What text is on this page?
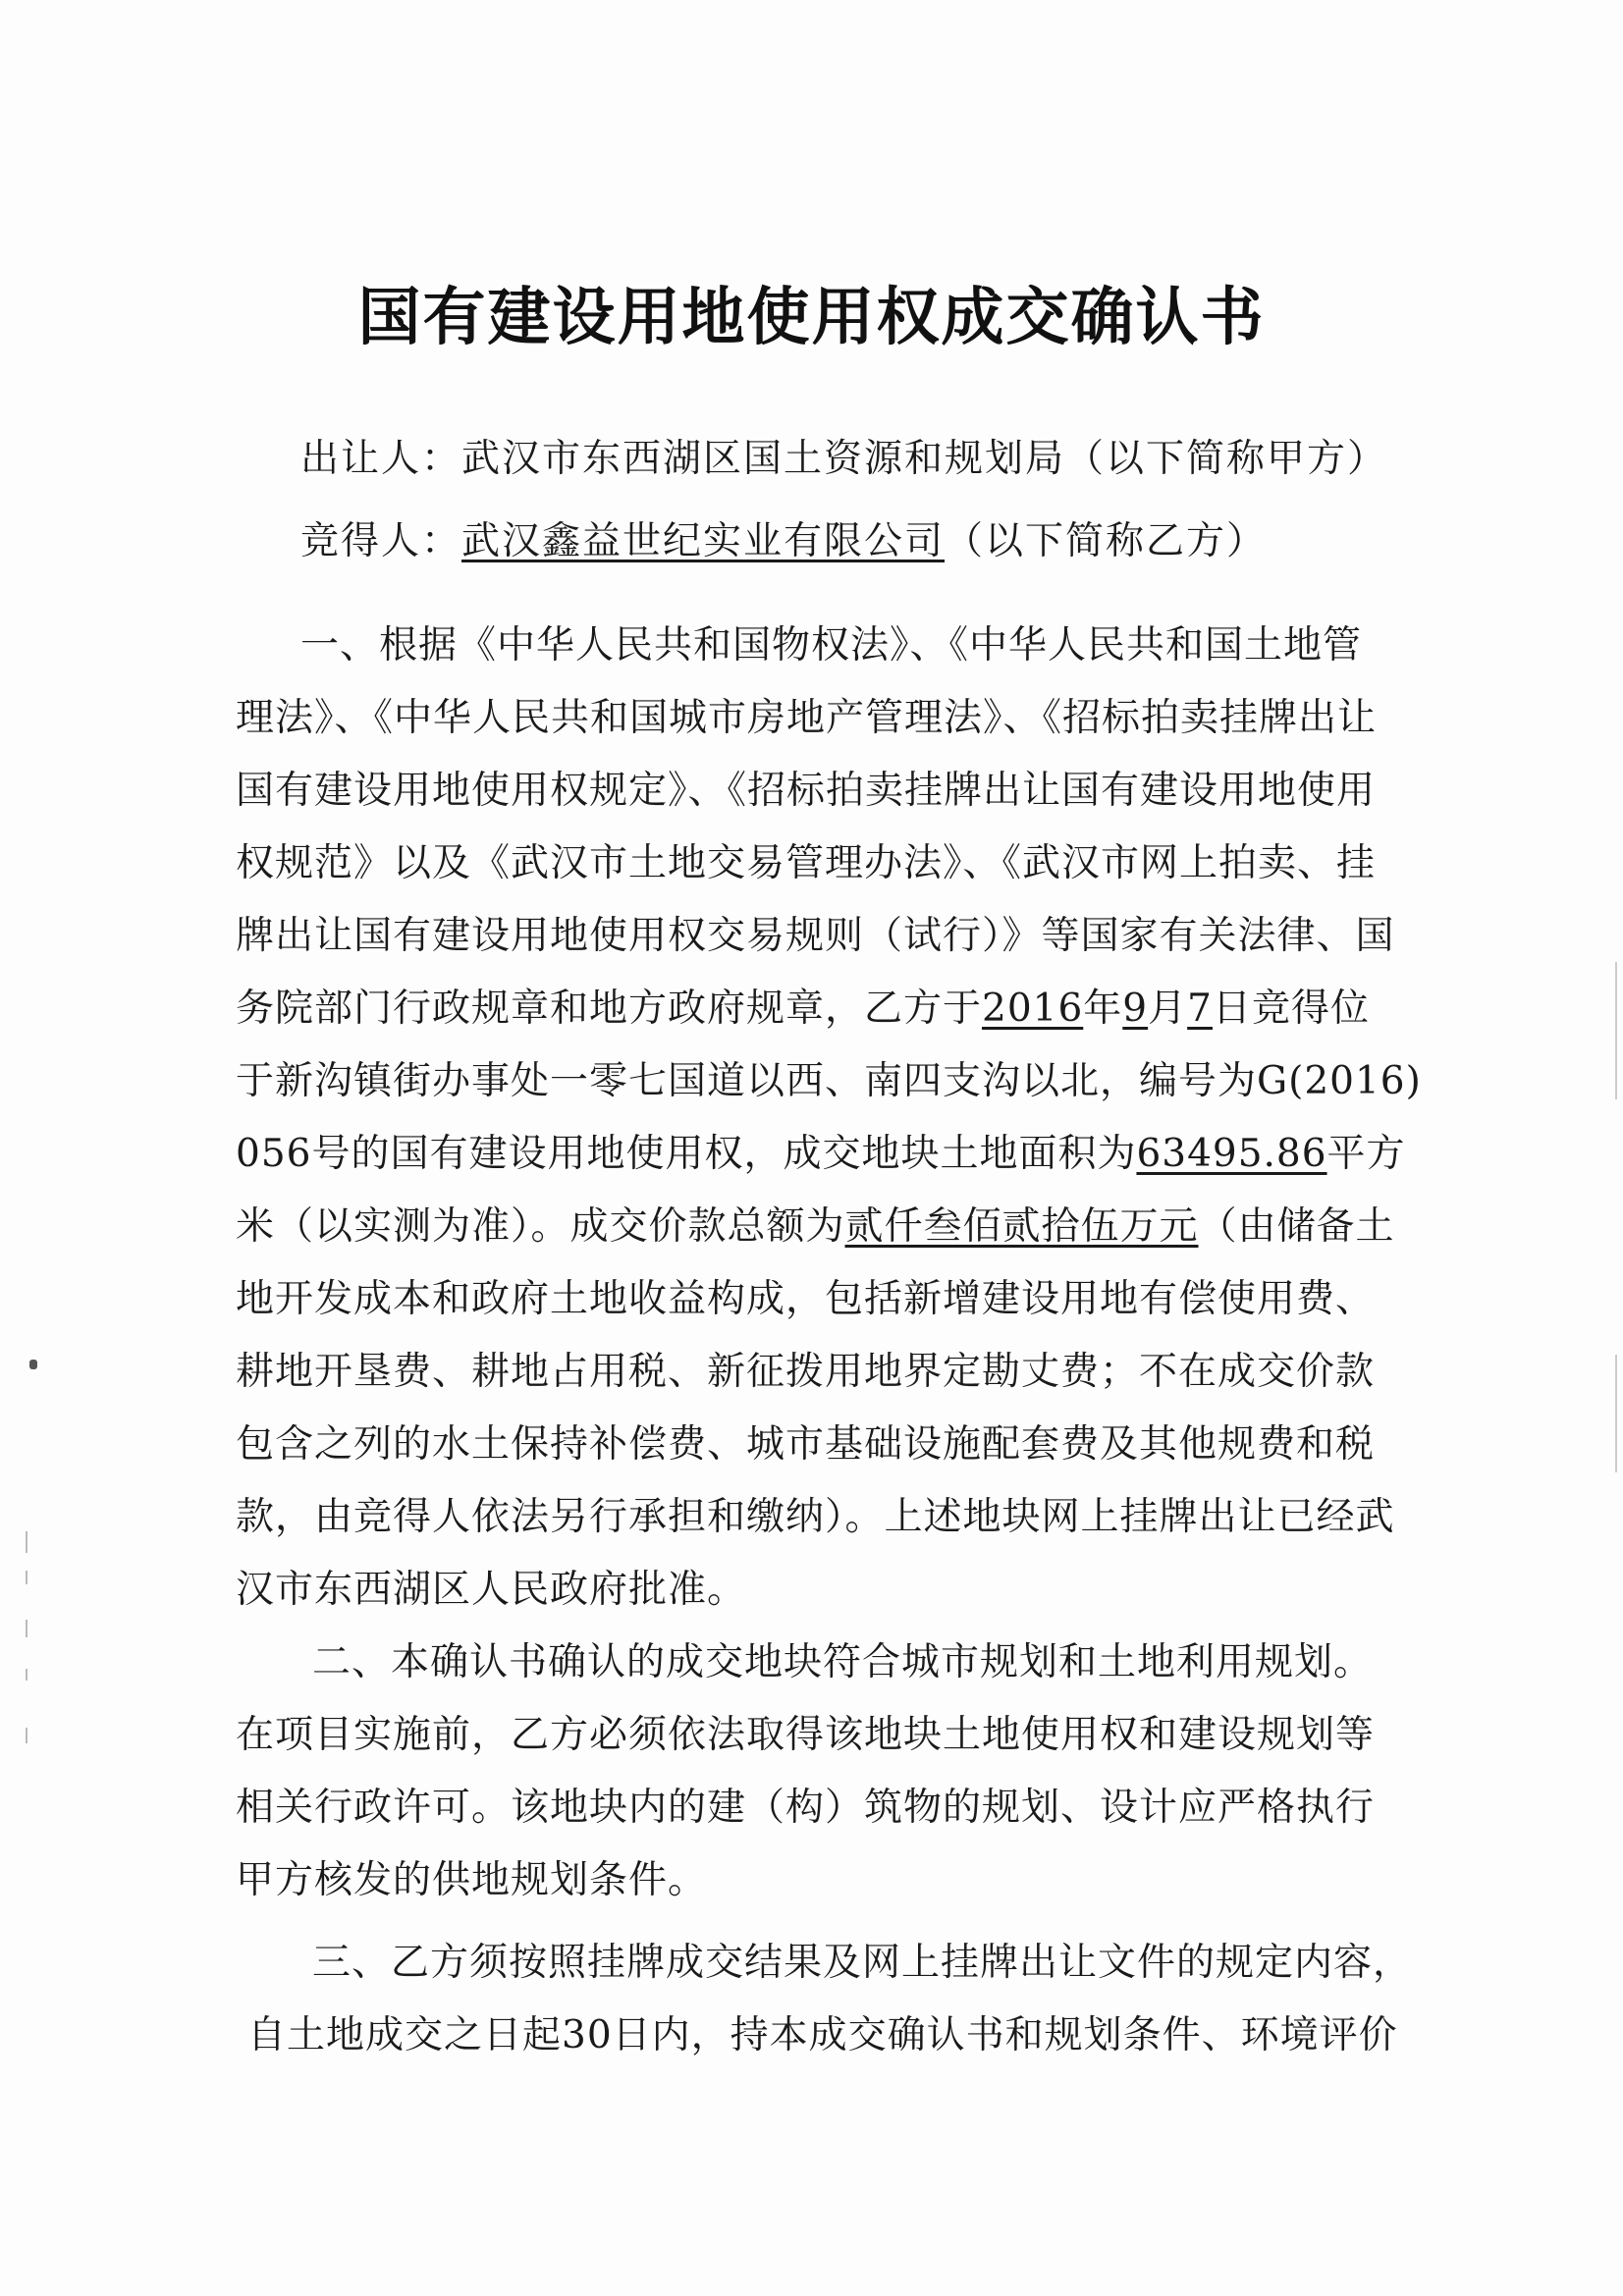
国有建设用地使用权成交确认书
出让人：武汉市东西湖区国土资源和规划局（以下简称甲方）
竞得人：武汉鑫益世纪实业有限公司（以下简称乙方）
一、根据《中华人民共和国物权法》、《中华人民共和国土地管
理法》、《中华人民共和国城市房地产管理法》、《招标拍卖挂牌出让
国有建设用地使用权规定》、《招标拍卖挂牌出让国有建设用地使用
权规范》以及《武汉市土地交易管理办法》、《武汉市网上拍卖、挂
牌出让国有建设用地使用权交易规则（试行）》等国家有关法律、国
务院部门行政规章和地方政府规章，乙方于2016年9月7日竞得位
于新沟镇街办事处一零七国道以西、南四支沟以北，编号为G(2016)
056号的国有建设用地使用权，成交地块土地面积为63495.86平方
米（以实测为准）。成交价款总额为贰仟叁佰贰拾伍万元（由储备土
地开发成本和政府土地收益构成，包括新增建设用地有偿使用费、
耕地开垦费、耕地占用税、新征拨用地界定勘丈费；不在成交价款
包含之列的水土保持补偿费、城市基础设施配套费及其他规费和税
款，由竞得人依法另行承担和缴纳）。上述地块网上挂牌出让已经武
汉市东西湖区人民政府批准。
二、本确认书确认的成交地块符合城市规划和土地利用规划。
在项目实施前，乙方必须依法取得该地块土地使用权和建设规划等
相关行政许可。该地块内的建（构）筑物的规划、设计应严格执行
甲方核发的供地规划条件。
三、乙方须按照挂牌成交结果及网上挂牌出让文件的规定内容，
自土地成交之日起30日内，持本成交确认书和规划条件、环境评价
